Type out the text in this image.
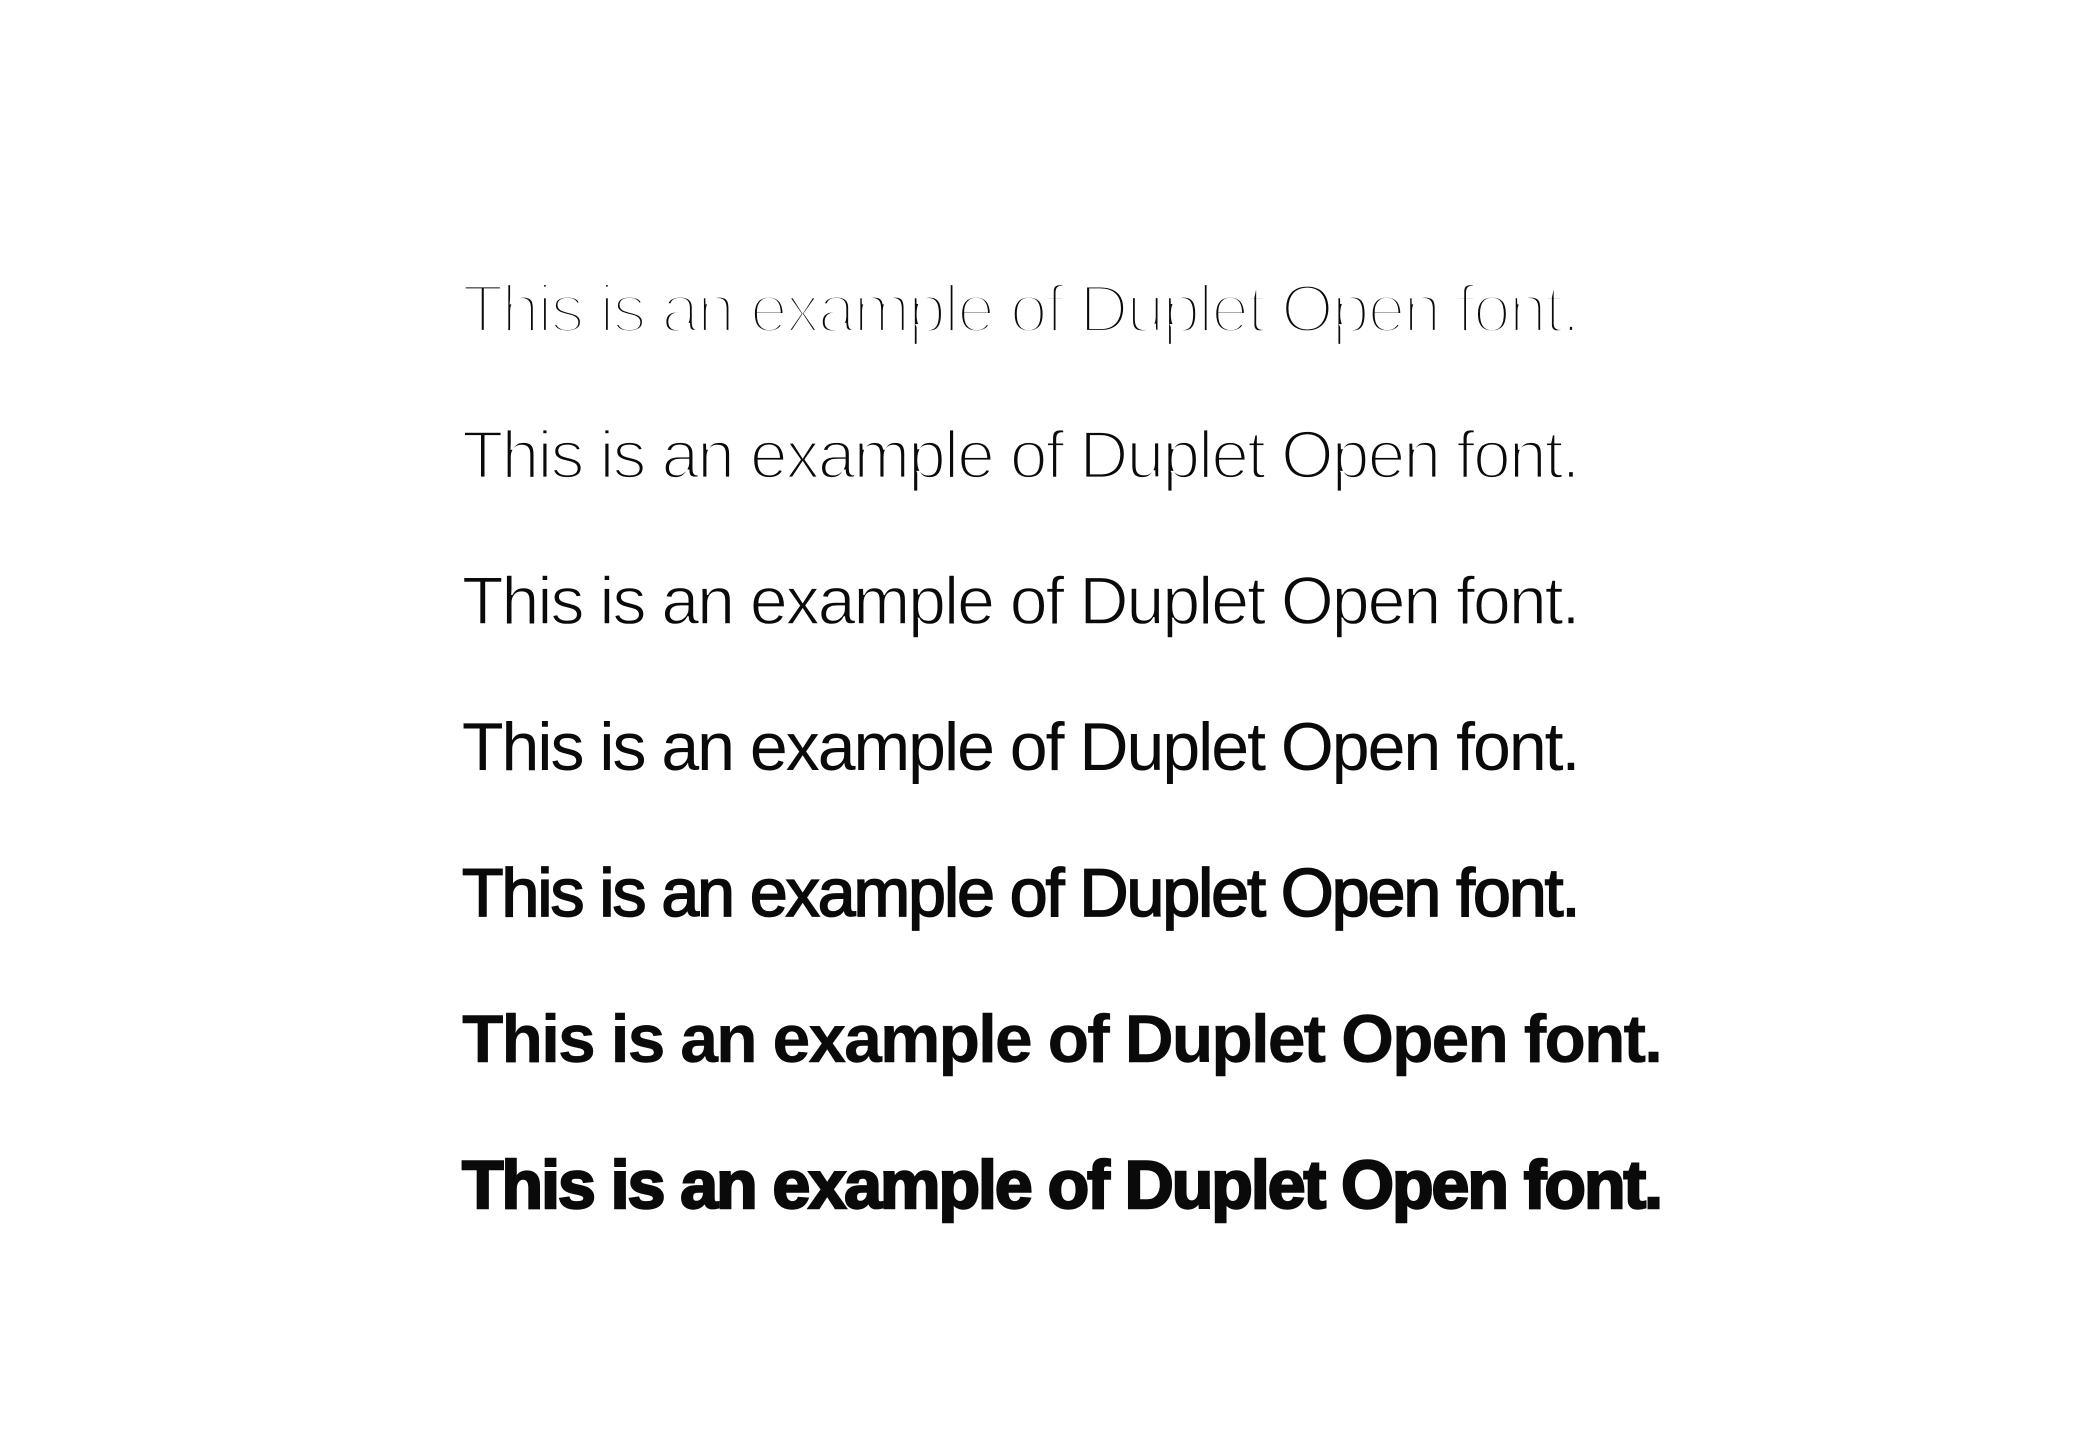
This is an example of Duplet Open font.

This is an example of Duplet Open font.

This is an example of Duplet Open font.

This is an example of Duplet Open font.

This is an example of Duplet Open font.

This is an example of Duplet Open font.

This is an example of Duplet Open font.
